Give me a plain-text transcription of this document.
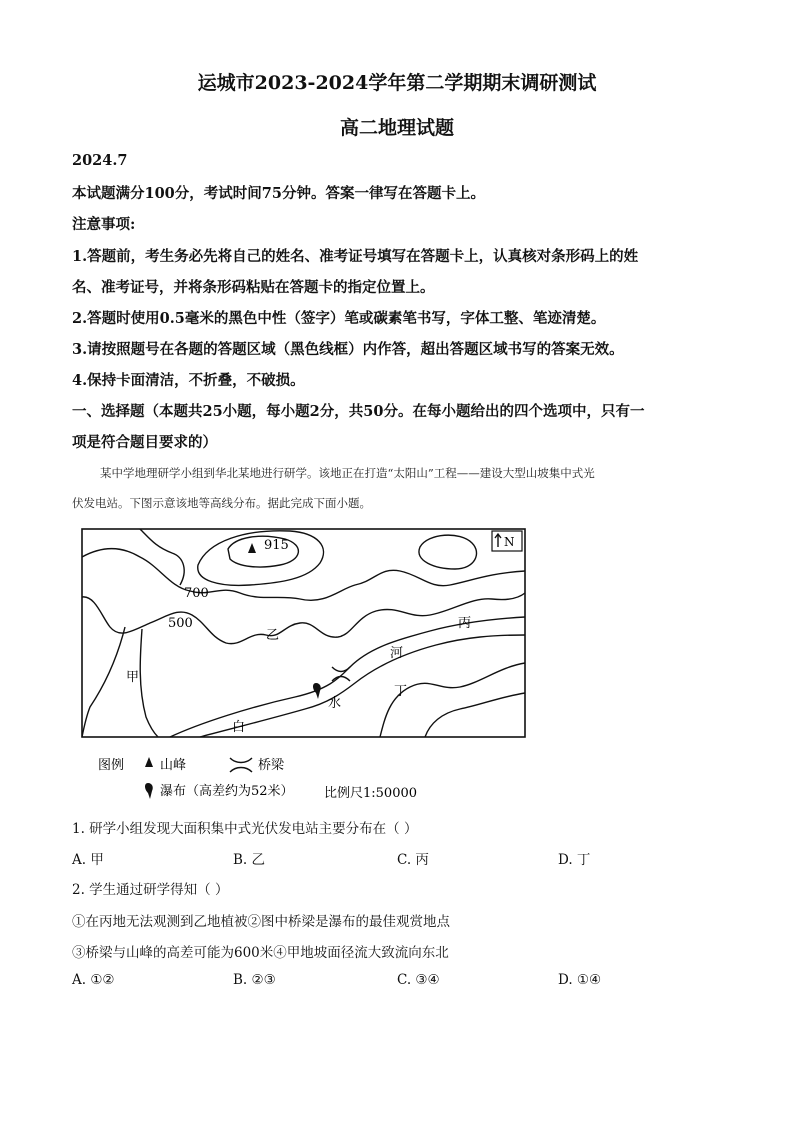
运城市2023-2024学年第二学期期末调研测试
高二地理试题
2024.7
本试题满分100分，考试时间75分钟。答案一律写在答题卡上。
注意事项:
1.答题前，考生务必先将自己的姓名、准考证号填写在答题卡上，认真核对条形码上的姓
名、准考证号，并将条形码粘贴在答题卡的指定位置上。
2.答题时使用0.5毫米的黑色中性（签字）笔或碳素笔书写，字体工整、笔迹清楚。
3.请按照题号在各题的答题区域（黑色线框）内作答，超出答题区域书写的答案无效。
4.保持卡面清洁，不折叠，不破损。
一、选择题（本题共25小题，每小题2分，共50分。在每小题给出的四个选项中，只有一
项是符合题目要求的）
某中学地理研学小组到华北某地进行研学。该地正在打造“太阳山”工程——建设大型山坡集中式光
伏发电站。下图示意该地等高线分布。据此完成下面小题。
915
700
500
N
甲
乙
丙
丁
河
水
白
图例	山峰	桥梁
瀑布（高差约为52米） 比例尺1:50000
1. 研学小组发现大面积集中式光伏发电站主要分布在（ ）
A. 甲	B. 乙	C. 丙	D. 丁
2. 学生通过研学得知（ ）
①在丙地无法观测到乙地植被②图中桥梁是瀑布的最佳观赏地点
③桥梁与山峰的高差可能为600米④甲地坡面径流大致流向东北
A. ①②	B. ②③	C. ③④	D. ①④
